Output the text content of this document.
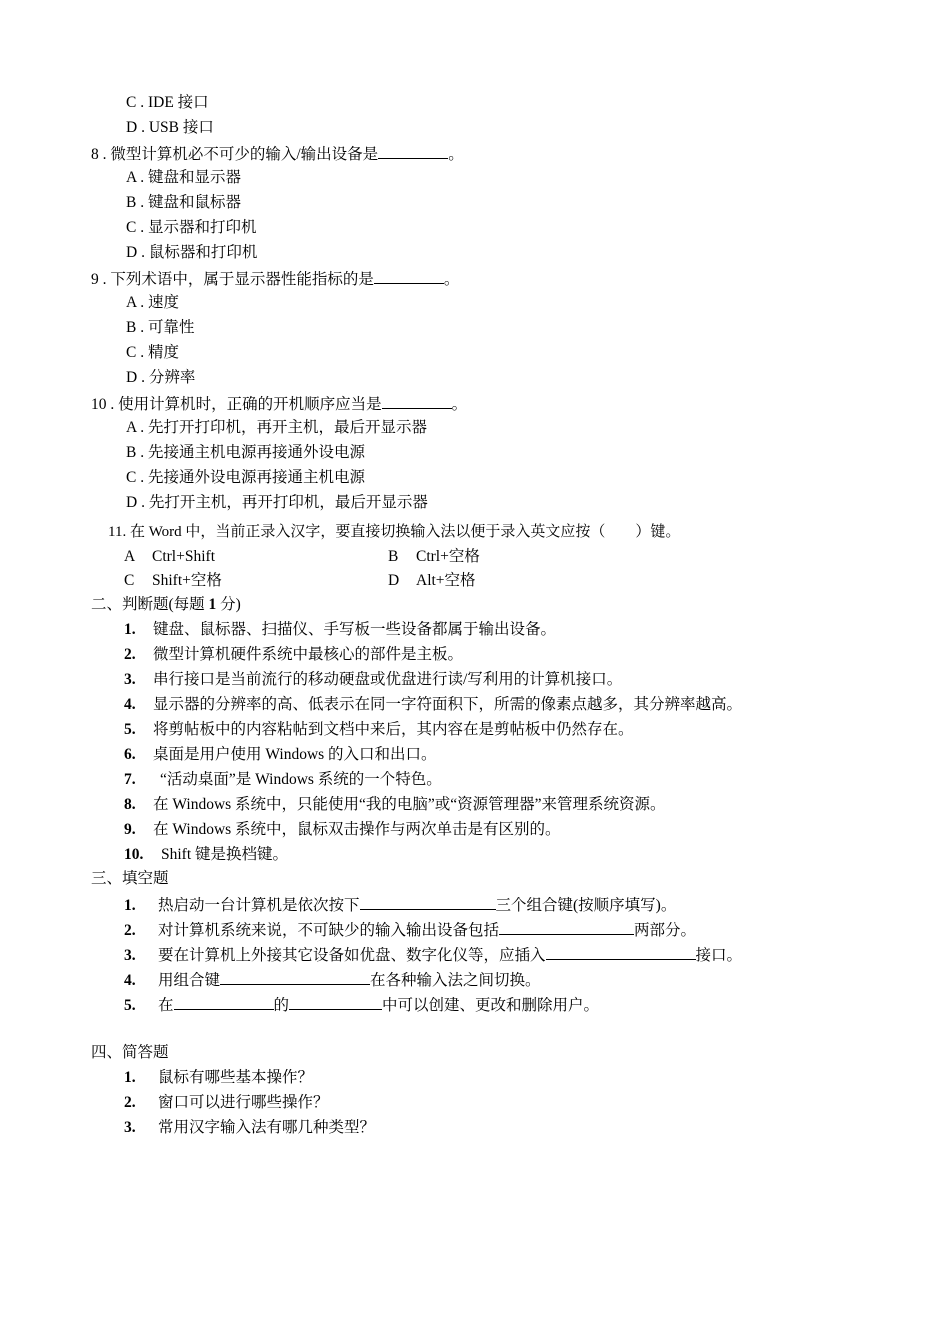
C . IDE 接口
D . USB 接口
8 . 微型计算机必不可少的输入/输出设备是	。
A . 键盘和显示器
B . 键盘和鼠标器
C . 显示器和打印机
D . 鼠标器和打印机
9 . 下列术语中，属于显示器性能指标的是	。
A . 速度
B . 可靠性
C . 精度
D . 分辨率
10 . 使用计算机时，正确的开机顺序应当是	。
A . 先打开打印机，再开主机，最后开显示器
B . 先接通主机电源再接通外设电源
C . 先接通外设电源再接通主机电源
D . 先打开主机，再开打印机，最后开显示器
11. 在 Word 中，当前正录入汉字，要直接切换输入法以便于录入英文应按（　　）键。
A Ctrl+Shift	B Ctrl+空格
C Shift+空格	D Alt+空格
二、判断题(每题 1 分)
1. 键盘、鼠标器、扫描仪、手写板一些设备都属于输出设备。
2. 微型计算机硬件系统中最核心的部件是主板。
3. 串行接口是当前流行的移动硬盘或优盘进行读/写利用的计算机接口。
4. 显示器的分辨率的高、低表示在同一字符面积下，所需的像素点越多，其分辨率越高。
5. 将剪帖板中的内容粘帖到文档中来后，其内容在是剪帖板中仍然存在。
6. 桌面是用户使用 Windows 的入口和出口。
7. “活动桌面”是 Windows 系统的一个特色。
8. 在 Windows 系统中，只能使用“我的电脑”或“资源管理器”来管理系统资源。
9. 在 Windows 系统中，鼠标双击操作与两次单击是有区别的。
10. Shift 键是换档键。
三、填空题
1. 热启动一台计算机是依次按下	三个组合键(按顺序填写)。
2. 对计算机系统来说，不可缺少的输入输出设备包括	两部分。
3. 要在计算机上外接其它设备如优盘、数字化仪等，应插入	接口。
4. 用组合键	在各种输入法之间切换。
5. 在	的	中可以创建、更改和删除用户。
四、简答题
1. 鼠标有哪些基本操作？
2. 窗口可以进行哪些操作？
3. 常用汉字输入法有哪几种类型？
